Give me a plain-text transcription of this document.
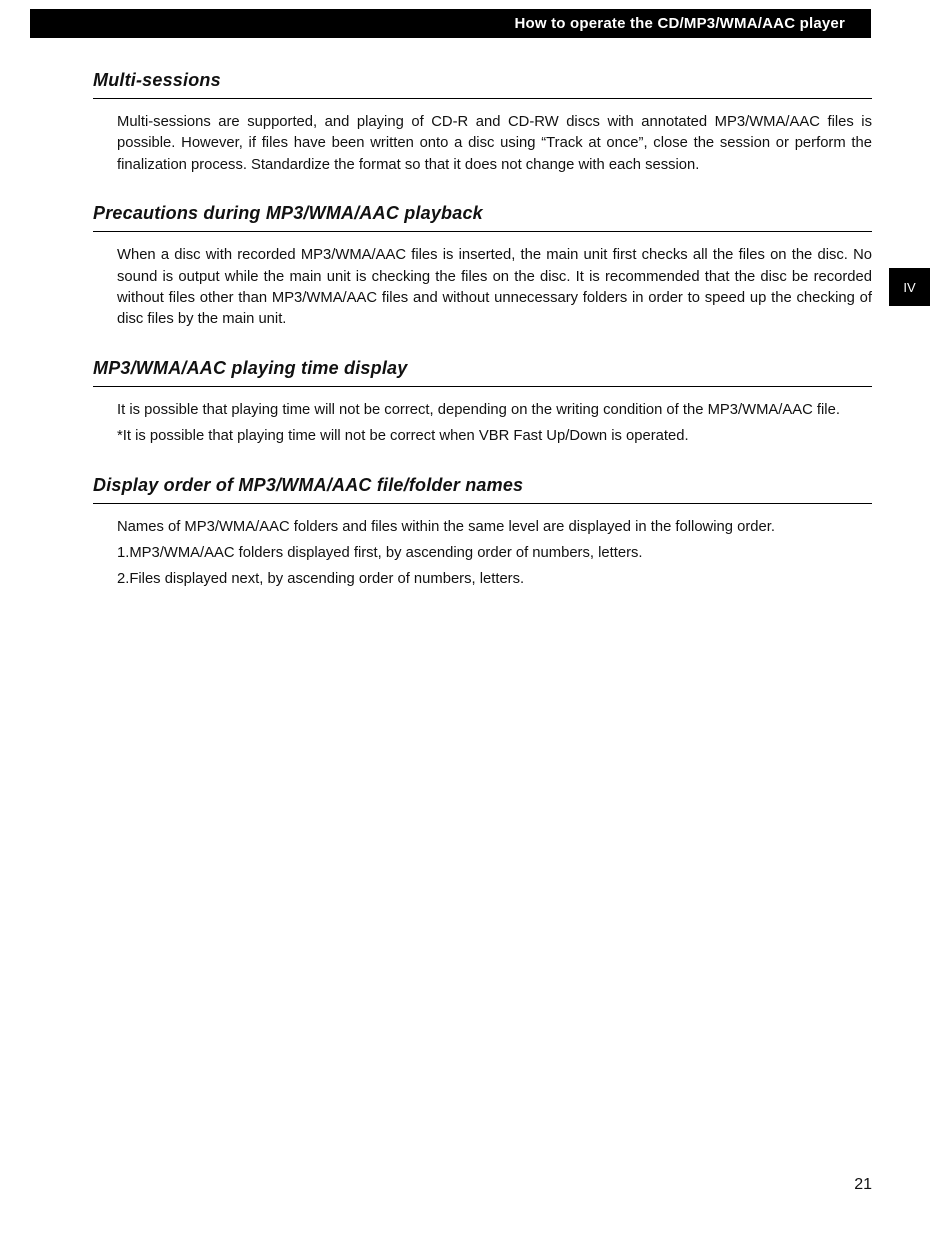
How to operate the CD/MP3/WMA/AAC player
Multi-sessions

Multi-sessions are supported, and playing of CD-R and CD-RW discs with annotated MP3/WMA/AAC files is possible. However, if files have been written onto a disc using “Track at once”, close the session or perform the finalization process. Standardize the format so that it does not change with each session.

Precautions during MP3/WMA/AAC playback

When a disc with recorded MP3/WMA/AAC files is inserted, the main unit first checks all the files on the disc. No sound is output while the main unit is checking the files on the disc. It is recommended that the disc be recorded without files other than MP3/WMA/AAC files and without unnecessary folders in order to speed up the checking of disc files by the main unit.

MP3/WMA/AAC playing time display

It is possible that playing time will not be correct, depending on the writing condition of the MP3/WMA/AAC file.

*It is possible that playing time will not be correct when VBR Fast Up/Down is operated.

Display order of MP3/WMA/AAC file/folder names

Names of MP3/WMA/AAC folders and files within the same level are displayed in the following order.

1.MP3/WMA/AAC folders displayed first, by ascending order of numbers, letters.

2.Files displayed next, by ascending order of numbers, letters.

IV
21
